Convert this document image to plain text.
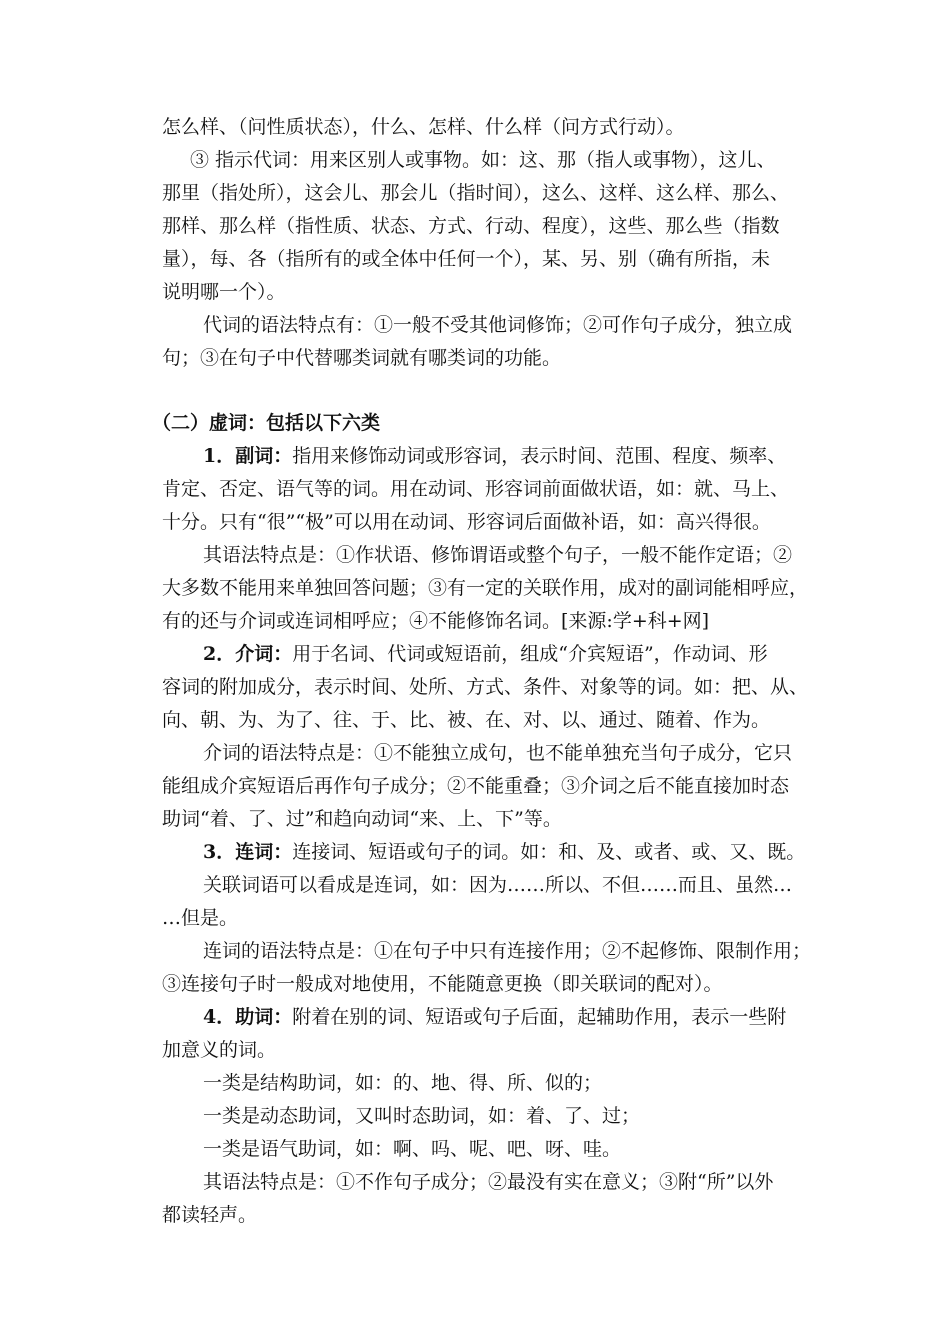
怎么样、（问性质状态），什么、怎样、什么样（问方式行动）。
③ 指示代词：用来区别人或事物。如：这、那（指人或事物），这儿、
那里（指处所），这会儿、那会儿（指时间），这么、这样、这么样、那么、
那样、那么样（指性质、状态、方式、行动、程度），这些、那么些（指数
量），每、各（指所有的或全体中任何一个），某、另、别（确有所指，未
说明哪一个）。
代词的语法特点有：①一般不受其他词修饰；②可作句子成分，独立成
句；③在句子中代替哪类词就有哪类词的功能。
（二）虚词：包括以下六类
1．副词：指用来修饰动词或形容词，表示时间、范围、程度、频率、
肯定、否定、语气等的词。用在动词、形容词前面做状语，如：就、马上、
十分。只有“很”“极”可以用在动词、形容词后面做补语，如：高兴得很。
其语法特点是：①作状语、修饰谓语或整个句子，一般不能作定语；②
大多数不能用来单独回答问题；③有一定的关联作用，成对的副词能相呼应，
有的还与介词或连词相呼应；④不能修饰名词。[来源:学+科+网]
2．介词：用于名词、代词或短语前，组成“介宾短语”，作动词、形
容词的附加成分，表示时间、处所、方式、条件、对象等的词。如：把、从、
向、朝、为、为了、往、于、比、被、在、对、以、通过、随着、作为。
介词的语法特点是：①不能独立成句，也不能单独充当句子成分，它只
能组成介宾短语后再作句子成分；②不能重叠；③介词之后不能直接加时态
助词“着、了、过”和趋向动词“来、上、下”等。
3．连词：连接词、短语或句子的词。如：和、及、或者、或、又、既。
关联词语可以看成是连词，如：因为……所以、不但……而且、虽然…
…但是。
连词的语法特点是：①在句子中只有连接作用；②不起修饰、限制作用；
③连接句子时一般成对地使用，不能随意更换（即关联词的配对）。
4．助词：附着在别的词、短语或句子后面，起辅助作用，表示一些附
加意义的词。
一类是结构助词，如：的、地、得、所、似的；
一类是动态助词，又叫时态助词，如：着、了、过；
一类是语气助词，如：啊、吗、呢、吧、呀、哇。
其语法特点是：①不作句子成分；②最没有实在意义；③附“所”以外
都读轻声。
